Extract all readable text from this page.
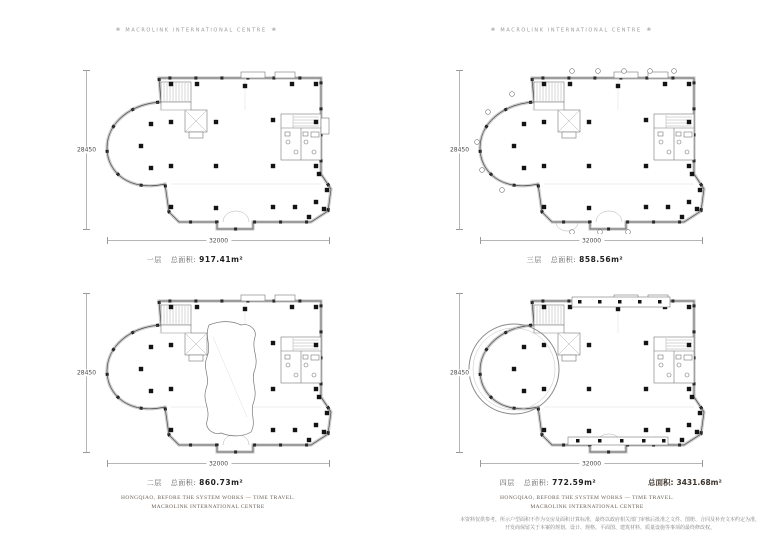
❀ MACROLINK INTERNATIONAL CENTRE ❀	❀ MACROLINK INTERNATIONAL CENTRE ❀
28450
32000
一层 总面积: 917.41m²
28450
32000
三层 总面积: 858.56m²
28450
32000
二层 总面积: 860.73m²
28450
32000
四层 总面积: 772.59m²	总面积: 3431.68m²
HONGQIAO, BEFORE THE SYSTEM WORKS — TIME TRAVEL.
MACROLINK INTERNATIONAL CENTRE
HONGQIAO, BEFORE THE SYSTEM WORKS — TIME TRAVEL.
MACROLINK INTERNATIONAL CENTRE
本资料仅供参考，所示户型面积不作为交房及面积计算标准，最终以政府相关部门审核后批准之文件、图册、合同及补充文本约定为准，
开发商保留关于本案的规划、设计、规格、平面图、建筑材料、质量设施等事项的最终修改权。
